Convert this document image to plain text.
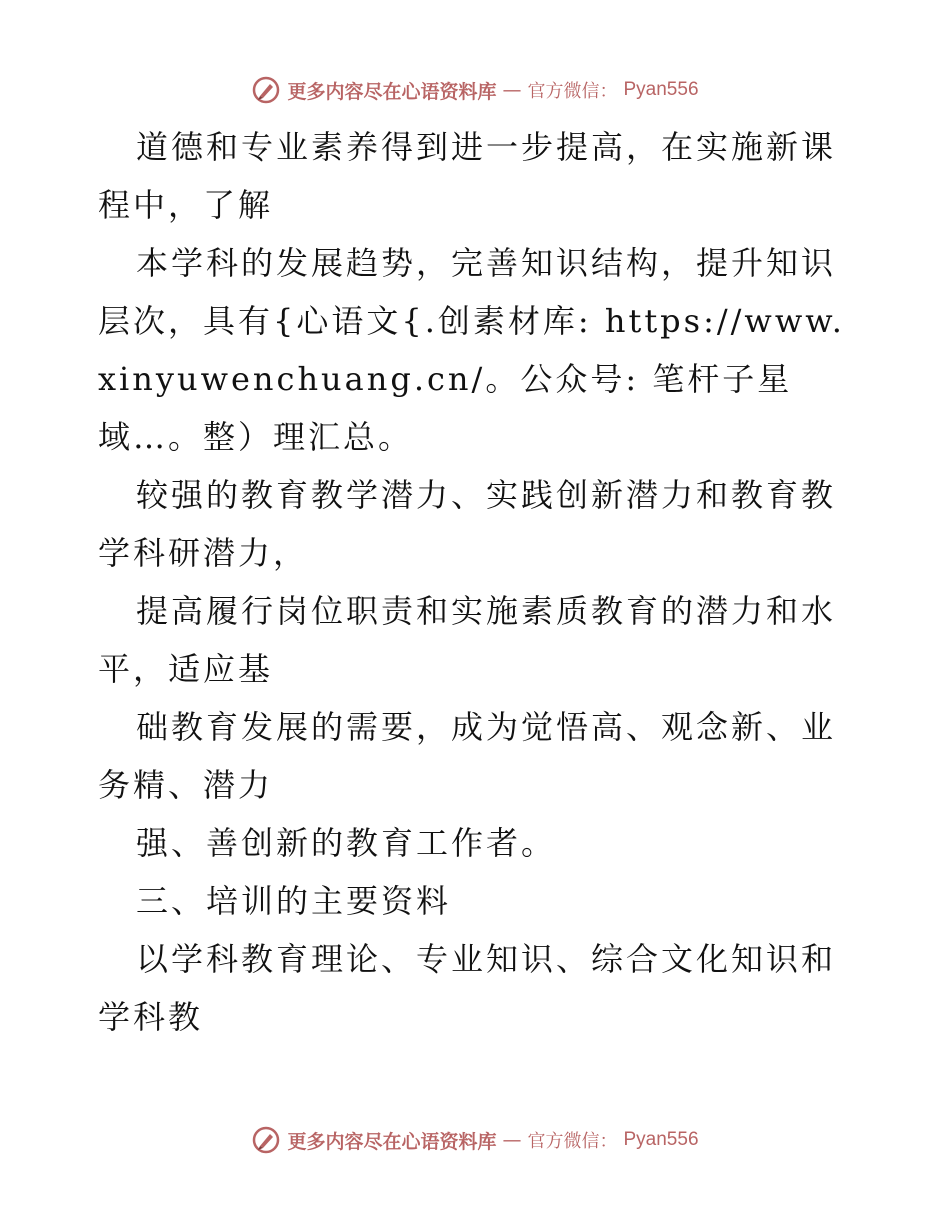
更多内容尽在心语资料库 — 官方微信： Pyan556

道德和专业素养得到进一步提高，在实施新课程中，了解

本学科的发展趋势，完善知识结构，提升知识层次，具有{心语文{.创素材库: https://www.xinyuwenchuang.cn/。公众号: 笔杆子星域…。整）理汇总。

较强的教育教学潜力、实践创新潜力和教育教学科研潜力，

提高履行岗位职责和实施素质教育的潜力和水平，适应基

础教育发展的需要，成为觉悟高、观念新、业务精、潜力

强、善创新的教育工作者。

三、培训的主要资料

以学科教育理论、专业知识、综合文化知识和学科教

更多内容尽在心语资料库 — 官方微信： Pyan556
